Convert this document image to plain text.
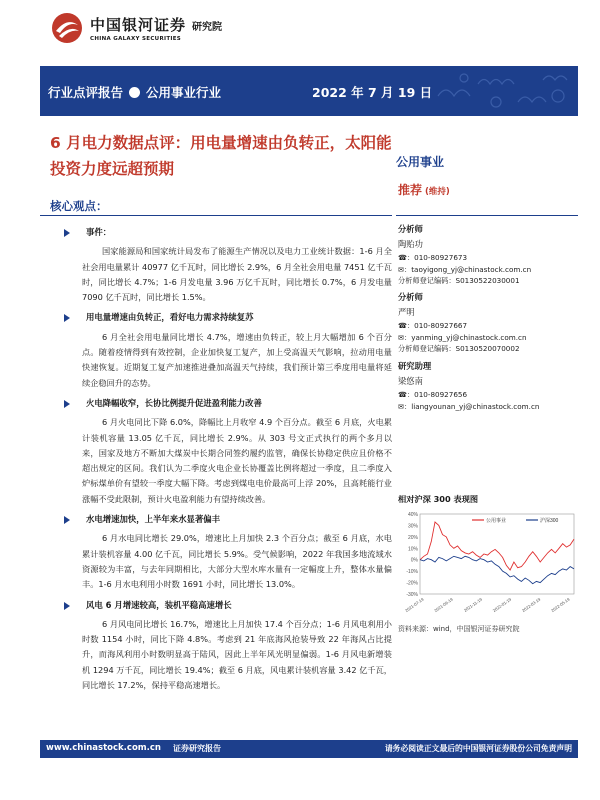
中国银河证券 研究院
CHINA GALAXY SECURITIES
行业点评报告 公用事业行业	2022 年 7 月 19 日
6 月电力数据点评：用电量增速由负转正，太阳能投资力度远超预期
核心观点：
事件：

国家能源局和国家统计局发布了能源生产情况以及电力工业统计数据：1-6 月全社会用电量累计 40977 亿千瓦时，同比增长 2.9%，6 月全社会用电量 7451 亿千瓦时，同比增长 4.7%；1-6 月发电量 3.96 万亿千瓦时，同比增长 0.7%，6 月发电量 7090 亿千瓦时，同比增长 1.5%。

用电量增速由负转正，看好电力需求持续复苏

6 月全社会用电量同比增长 4.7%，增速由负转正，较上月大幅增加 6 个百分点。随着疫情得到有效控制，企业加快复工复产，加上受高温天气影响，拉动用电量快速恢复。近期复工复产加速推进叠加高温天气持续，我们预计第三季度用电量将延续企稳回升的态势。

火电降幅收窄，长协比例提升促进盈利能力改善

6 月火电同比下降 6.0%，降幅比上月收窄 4.9 个百分点。截至 6 月底，火电累计装机容量 13.05 亿千瓦，同比增长 2.9%。从 303 号文正式执行的两个多月以来，国家及地方不断加大煤炭中长期合同签约履约监管，确保长协稳定供应且价格不超出规定的区间。我们认为二季度火电企业长协覆盖比例将超过一季度，且二季度入炉标煤单价有望较一季度大幅下降。考虑到煤电电价最高可上浮 20%，且高耗能行业涨幅不受此限制，预计火电盈利能力有望持续改善。

水电增速加快，上半年来水显著偏丰

6 月水电同比增长 29.0%，增速比上月加快 2.3 个百分点；截至 6 月底，水电累计装机容量 4.00 亿千瓦，同比增长 5.9%。受气候影响，2022 年我国多地流域水资源较为丰富，与去年同期相比，大部分大型水库水量有一定幅度上升，整体水量偏丰。1-6 月水电利用小时数 1691 小时，同比增长 13.0%。

风电 6 月增速较高，装机平稳高速增长

6 月风电同比增长 16.7%，增速比上月加快 17.4 个百分点；1-6 月风电利用小时数 1154 小时，同比下降 4.8%。考虑到 21 年底海风抢装导致 22 年海风占比提升，而海风利用小时数明显高于陆风，因此上半年风光明显偏弱。1-6 月风电新增装机 1294 万千瓦，同比增长 19.4%；截至 6 月底，风电累计装机容量 3.42 亿千瓦，同比增长 17.2%，保持平稳高速增长。

公用事业
推荐 (维持)
分析师
陶贻功
☎：010-80927673
✉：taoyigong_yj@chinastock.com.cn
分析师登记编码：S0130522030001
分析师
严明
☎：010-80927667
✉：yanming_yj@chinastock.com.cn
分析师登记编码：S0130520070002
研究助理
梁悠南
☎：010-80927656
✉：liangyounan_yj@chinastock.com.cn
相对沪深 300 表现图
-30%
-20%
-10%
0%
10%
20%
30%
40%
2021-07-19 2021-09-19 2021-11-19 2022-01-19 2022-03-19 2022-05-19
公用事业	沪深300
资料来源：wind，中国银河证券研究院
www.chinastock.com.cn 证券研究报告	请务必阅读正文最后的中国银河证券股份公司免责声明
